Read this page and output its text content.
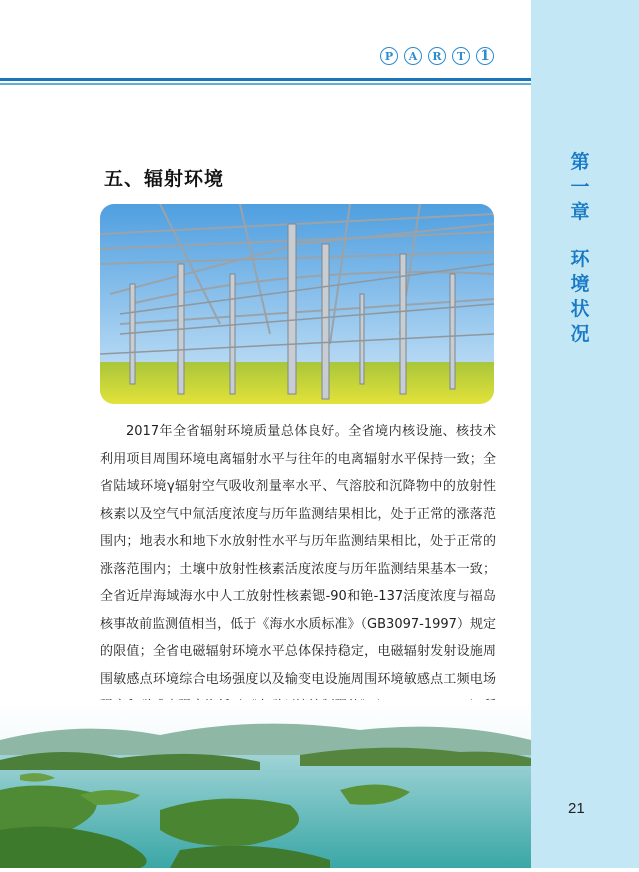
P	A	R	T	1
第
一
章
环
境
状
况
五、辐射环境

2017年全省辐射环境质量总体良好。全省境内核设施、核技术利用项目周围环境电离辐射水平与往年的电离辐射水平保持一致；全省陆域环境γ辐射空气吸收剂量率水平、气溶胶和沉降物中的放射性核素以及空气中氚活度浓度与历年监测结果相比，处于正常的涨落范围内；地表水和地下水放射性水平与历年监测结果相比，处于正常的涨落范围内；土壤中放射性核素活度浓度与历年监测结果基本一致；全省近岸海域海水中人工放射性核素锶-90和铯-137活度浓度与福岛核事故前监测值相当，低于《海水水质标准》（GB3097-1997）规定的限值；全省电磁辐射环境水平总体保持稳定，电磁辐射发射设施周围敏感点环境综合电场强度以及输变电设施周围环境敏感点工频电场

21
